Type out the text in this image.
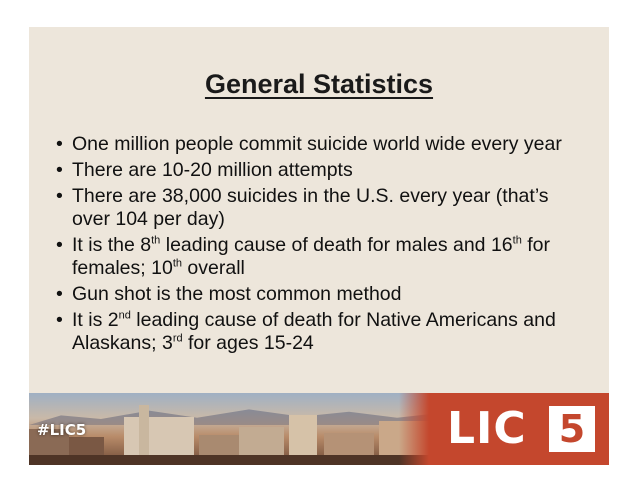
General Statistics
• One million people commit suicide world wide every year
• There are 10-20 million attempts
• There are 38,000 suicides in the U.S. every year (that’s over 104 per day)
• It is the 8th leading cause of death for males and 16th for females; 10th overall
• Gun shot is the most common method
• It is 2nd leading cause of death for Native Americans and Alaskans; 3rd for ages 15-24
#LIC5	LIC 5
